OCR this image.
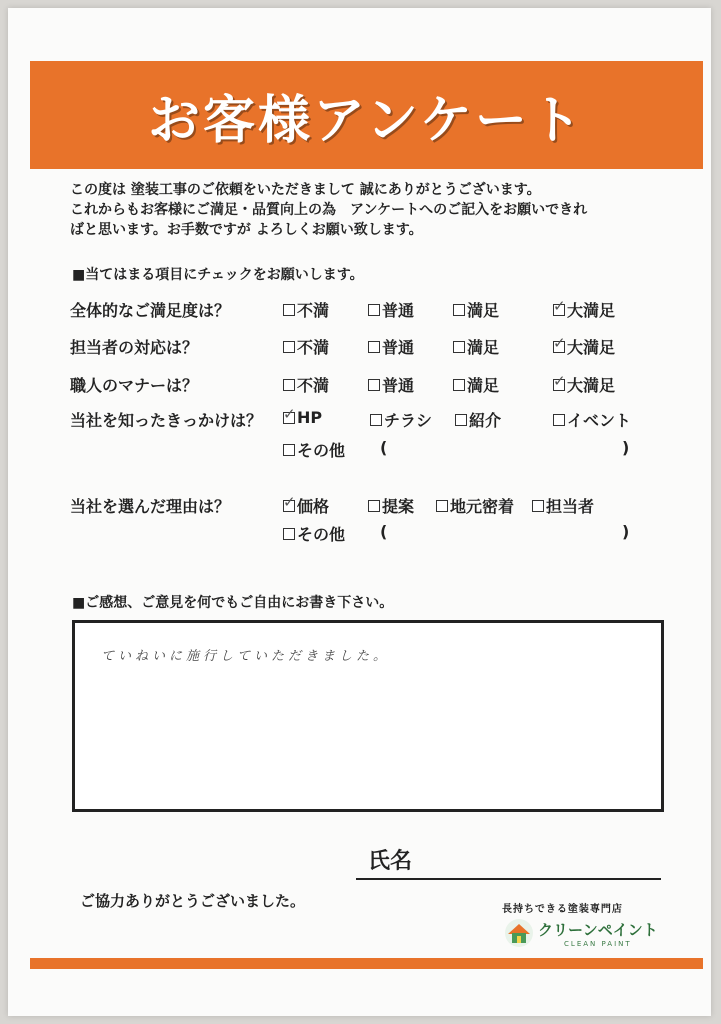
お客様アンケート
この度は 塗装工事のご依頼をいただきまして 誠にありがとうございます。
これからもお客様にご満足・品質向上の為　アンケートへのご記入をお願いできれ
ばと思います。お手数ですが よろしくお願い致します。
■当てはまる項目にチェックをお願いします。
全体的なご満足度は？	不満	普通	満足 ✓	大満足
担当者の対応は？	不満	普通	満足 ✓	大満足
職人のマナーは？	不満	普通	満足 ✓	大満足
当社を知ったきっかけは？ ✓ HP	チラシ 紹介	イベント
その他 (	)
当社を選んだ理由は？ ✓	価格	提案 地元密着 担当者
その他 (	)
■ご感想、ご意見を何でもご自由にお書き下さい。
ていねいに施行していただきました。
氏名
ご協力ありがとうございました。	長持ちできる塗装専門店
クリーンペイント
CLEAN PAINT
